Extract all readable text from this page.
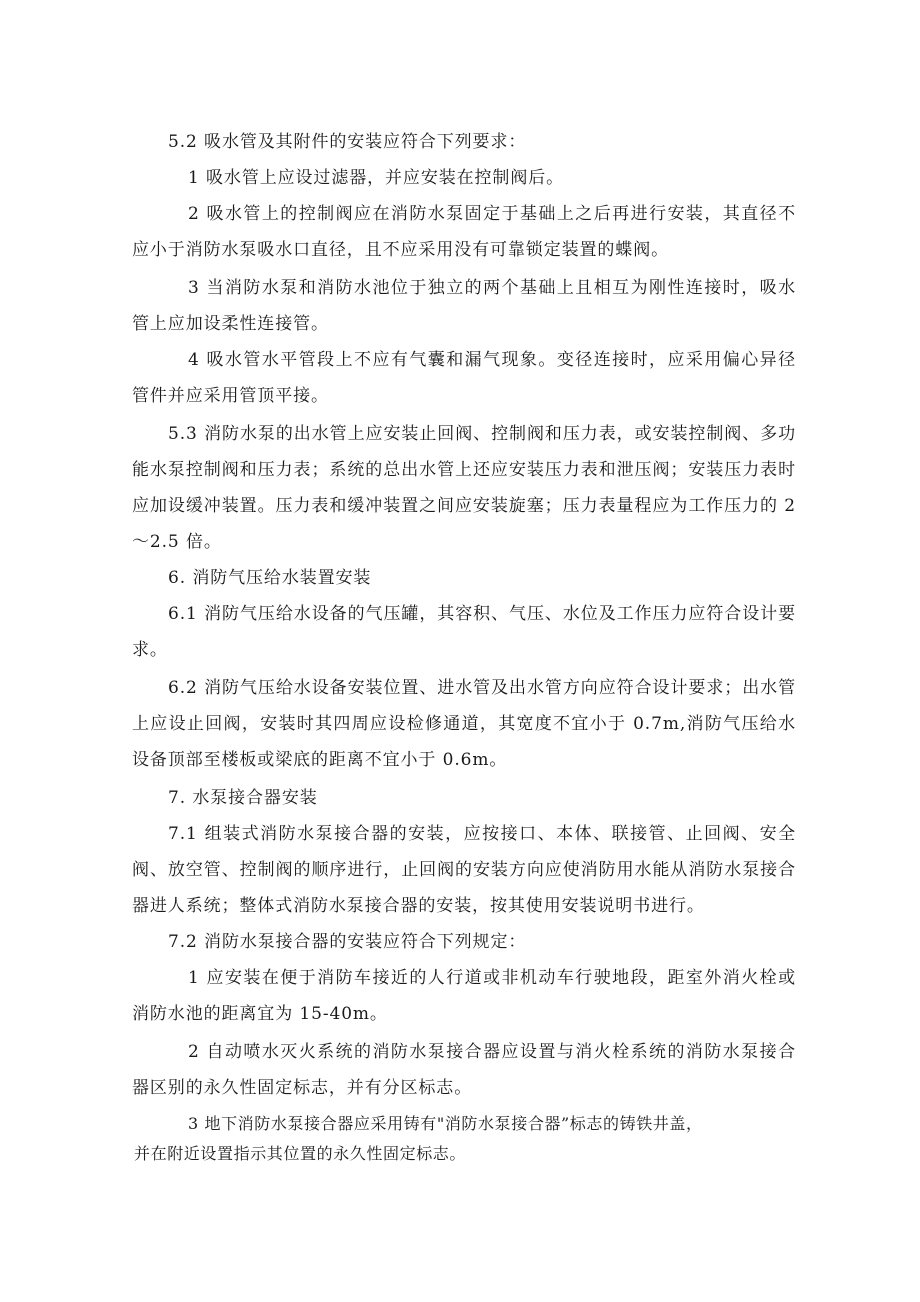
5.2 吸水管及其附件的安装应符合下列要求：

1 吸水管上应设过滤器，并应安装在控制阀后。

2 吸水管上的控制阀应在消防水泵固定于基础上之后再进行安装，其直径不应小于消防水泵吸水口直径，且不应采用没有可靠锁定装置的蝶阀。

3 当消防水泵和消防水池位于独立的两个基础上且相互为刚性连接时，吸水管上应加设柔性连接管。

4 吸水管水平管段上不应有气囊和漏气现象。变径连接时，应采用偏心异径管件并应采用管顶平接。

5.3 消防水泵的出水管上应安装止回阀、控制阀和压力表，或安装控制阀、多功能水泵控制阀和压力表；系统的总出水管上还应安装压力表和泄压阀；安装压力表时应加设缓冲装置。压力表和缓冲装置之间应安装旋塞；压力表量程应为工作压力的 2～2.5 倍。

6. 消防气压给水装置安装

6.1 消防气压给水设备的气压罐，其容积、气压、水位及工作压力应符合设计要求。

6.2 消防气压给水设备安装位置、进水管及出水管方向应符合设计要求；出水管上应设止回阀，安装时其四周应设检修通道，其宽度不宜小于 0.7m,消防气压给水设备顶部至楼板或梁底的距离不宜小于 0.6m。

7. 水泵接合器安装

7.1 组装式消防水泵接合器的安装，应按接口、本体、联接管、止回阀、安全阀、放空管、控制阀的顺序进行，止回阀的安装方向应使消防用水能从消防水泵接合器进人系统；整体式消防水泵接合器的安装，按其使用安装说明书进行。

7.2 消防水泵接合器的安装应符合下列规定：

1 应安装在便于消防车接近的人行道或非机动车行驶地段，距室外消火栓或消防水池的距离宜为 15-40m。

2 自动喷水灭火系统的消防水泵接合器应设置与消火栓系统的消防水泵接合器区别的永久性固定标志，并有分区标志。

3 地下消防水泵接合器应采用铸有"消防水泵接合器”标志的铸铁井盖，

并在附近设置指示其位置的永久性固定标志。
